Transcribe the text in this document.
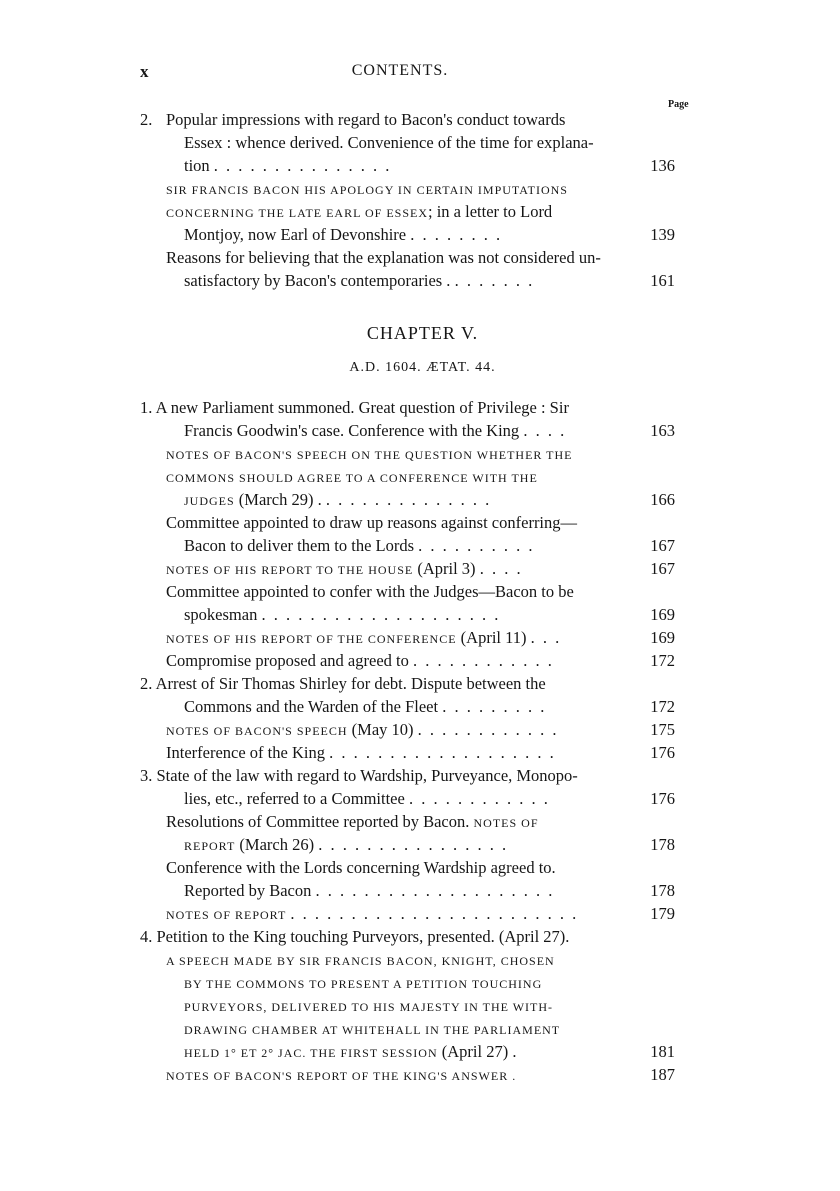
x	CONTENTS.
Page
2. Popular impressions with regard to Bacon's conduct towards
Essex : whence derived. Convenience of the time for explana-
tion . . . . . . . . . . . . . . .	136
SIR FRANCIS BACON HIS APOLOGY IN CERTAIN IMPUTATIONS
CONCERNING THE LATE EARL OF ESSEX; in a letter to Lord
Montjoy, now Earl of Devonshire . . . . . . . .	139
Reasons for believing that the explanation was not considered un-
satisfactory by Bacon's contemporaries . . . . . . . .	161
CHAPTER V.
A.D. 1604. ÆTAT. 44.
1. A new Parliament summoned. Great question of Privilege : Sir
Francis Goodwin's case. Conference with the King . . . .	163
NOTES OF BACON'S SPEECH ON THE QUESTION WHETHER THE
COMMONS SHOULD AGREE TO A CONFERENCE WITH THE
JUDGES (March 29) . . . . . . . . . . . . . . .	166
Committee appointed to draw up reasons against conferring—
Bacon to deliver them to the Lords . . . . . . . . . .	167
NOTES OF HIS REPORT TO THE HOUSE (April 3) . . . .	167
Committee appointed to confer with the Judges—Bacon to be
spokesman . . . . . . . . . . . . . . . . . . . .	169
NOTES OF HIS REPORT OF THE CONFERENCE (April 11) . . .	169
Compromise proposed and agreed to . . . . . . . . . . . .	172
2. Arrest of Sir Thomas Shirley for debt. Dispute between the
Commons and the Warden of the Fleet . . . . . . . . .	172
NOTES OF BACON'S SPEECH (May 10) . . . . . . . . . . . .	175
Interference of the King . . . . . . . . . . . . . . . . . . .	176
3. State of the law with regard to Wardship, Purveyance, Monopo-
lies, etc., referred to a Committee . . . . . . . . . . . .	176
Resolutions of Committee reported by Bacon. NOTES OF
REPORT (March 26) . . . . . . . . . . . . . . . .	178
Conference with the Lords concerning Wardship agreed to.
Reported by Bacon . . . . . . . . . . . . . . . . . . . .	178
NOTES OF REPORT . . . . . . . . . . . . . . . . . . . . . . . .	179
4. Petition to the King touching Purveyors, presented. (April 27).
A SPEECH MADE BY SIR FRANCIS BACON, KNIGHT, CHOSEN
BY THE COMMONS TO PRESENT A PETITION TOUCHING
PURVEYORS, DELIVERED TO HIS MAJESTY IN THE WITH-
DRAWING CHAMBER AT WHITEHALL IN THE PARLIAMENT
HELD 1° ET 2° JAC. THE FIRST SESSION (April 27) .	181
NOTES OF BACON'S REPORT OF THE KING'S ANSWER .	187
